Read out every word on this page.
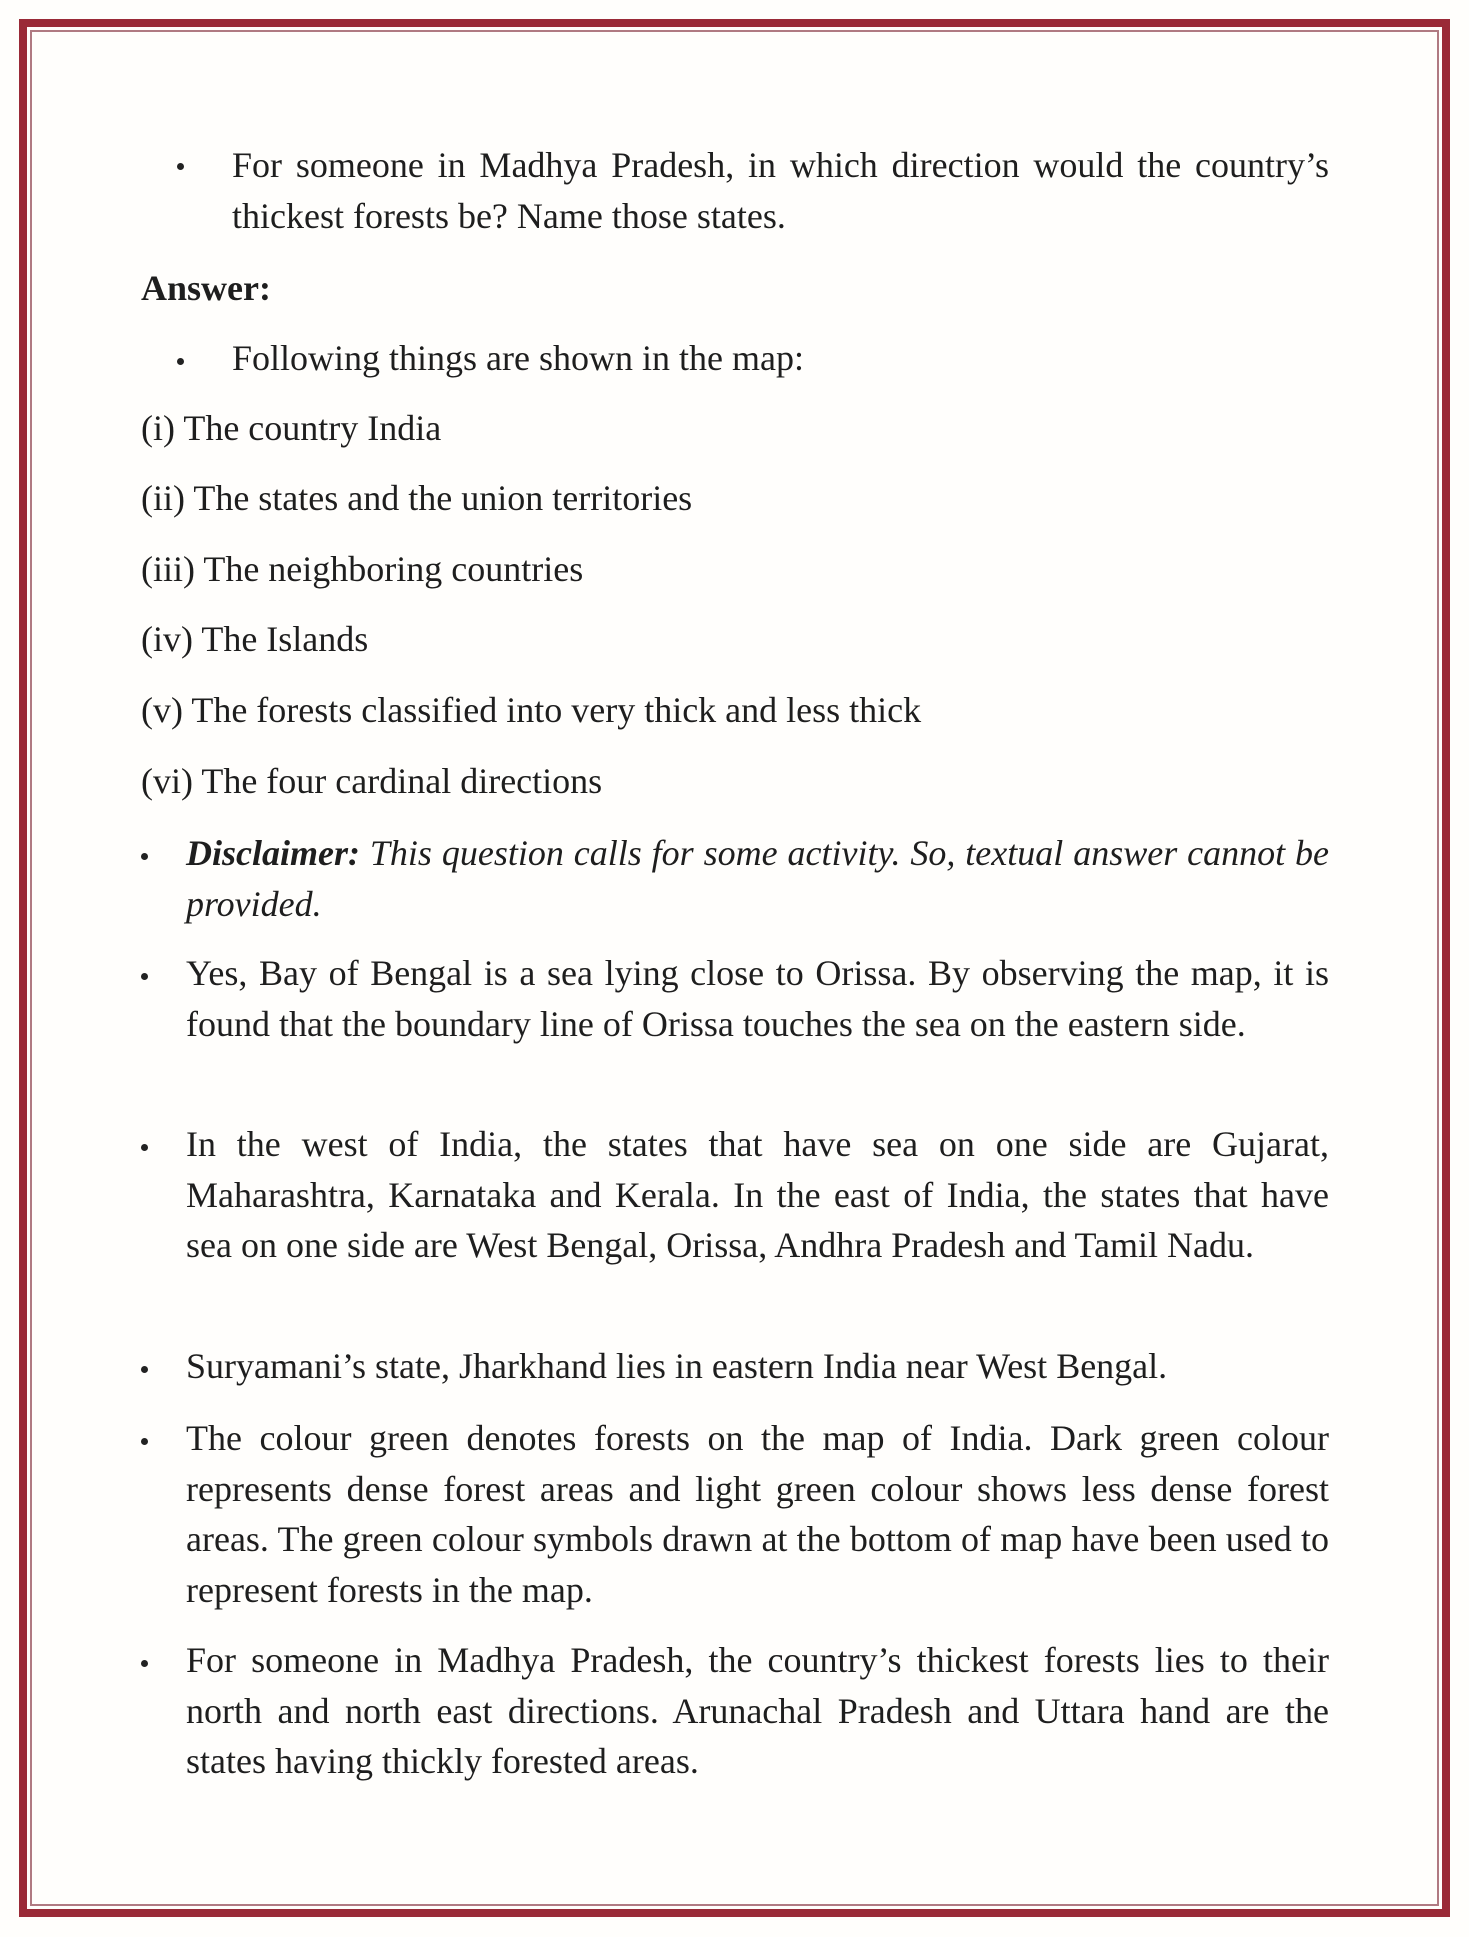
For someone in Madhya Pradesh, in which direction would the country’s thickest forests be? Name those states.
Answer:
Following things are shown in the map:
(i) The country India
(ii) The states and the union territories
(iii) The neighboring countries
(iv) The Islands
(v) The forests classified into very thick and less thick
(vi) The four cardinal directions
Disclaimer: This question calls for some activity. So, textual answer cannot be provided.
Yes, Bay of Bengal is a sea lying close to Orissa. By observing the map, it is found that the boundary line of Orissa touches the sea on the eastern side.
In the west of India, the states that have sea on one side are Gujarat, Maharashtra, Karnataka and Kerala. In the east of India, the states that have sea on one side are West Bengal, Orissa, Andhra Pradesh and Tamil Nadu.
Suryamani’s state, Jharkhand lies in eastern India near West Bengal.
The colour green denotes forests on the map of India. Dark green colour represents dense forest areas and light green colour shows less dense forest areas. The green colour symbols drawn at the bottom of map have been used to represent forests in the map.
For someone in Madhya Pradesh, the country’s thickest forests lies to their north and north east directions. Arunachal Pradesh and Uttara hand are the states having thickly forested areas.
